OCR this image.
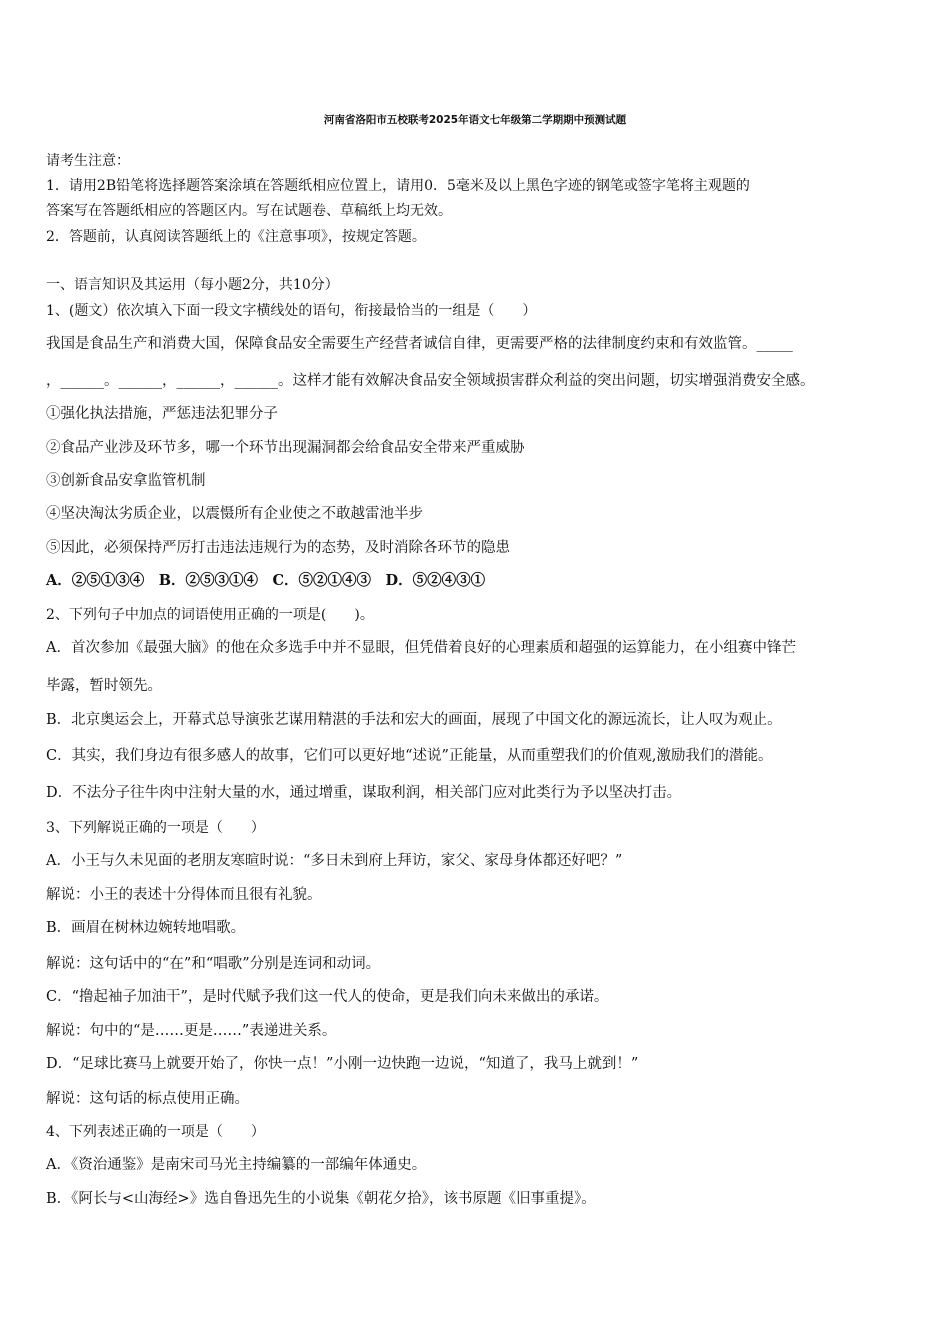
河南省洛阳市五校联考2025年语文七年级第二学期期中预测试题
请考生注意：
1．请用2B铅笔将选择题答案涂填在答题纸相应位置上，请用0．5毫米及以上黑色字迹的钢笔或签字笔将主观题的
答案写在答题纸相应的答题区内。写在试题卷、草稿纸上均无效。
2．答题前，认真阅读答题纸上的《注意事项》，按规定答题。
一、语言知识及其运用（每小题2分，共10分）
1、(题文）依次填入下面一段文字横线处的语句，衔接最恰当的一组是（　　）
我国是食品生产和消费大国，保障食品安全需要生产经营者诚信自律，更需要严格的法律制度约束和有效监管。_____
，______。______，______，______。这样才能有效解决食品安全领域损害群众利益的突出问题，切实增强消费安全感。
①强化执法措施，严惩违法犯罪分子
②食品产业涉及环节多，哪一个环节出现漏洞都会给食品安全带来严重威胁
③创新食品安拿监管机制
④坚决淘汰劣质企业，以震慑所有企业使之不敢越雷池半步
⑤因此，必须保持严厉打击违法违规行为的态势，及时消除各环节的隐患
A．②⑤①③④　B．②⑤③①④　C．⑤②①④③　D．⑤②④③①
2、下列句子中加点的词语使用正确的一项是(　　)。
A．首次参加《最强大脑》的他在众多选手中并不显眼，但凭借着良好的心理素质和超强的运算能力，在小组赛中锋芒
毕露，暂时领先。
B．北京奥运会上，开幕式总导演张艺谋用精湛的手法和宏大的画面，展现了中国文化的源远流长，让人叹为观止。
C．其实，我们身边有很多感人的故事，它们可以更好地“述说”正能量，从而重塑我们的价值观,激励我们的潜能。
D．不法分子往牛肉中注射大量的水，通过增重，谋取利润，相关部门应对此类行为予以坚决打击。
3、下列解说正确的一项是（　　）
A．小王与久未见面的老朋友寒暄时说：“多日未到府上拜访，家父、家母身体都还好吧？”
解说：小王的表述十分得体而且很有礼貌。
B．画眉在树林边婉转地唱歌。
解说：这句话中的“在”和“唱歌”分别是连词和动词。
C．“撸起袖子加油干”，是时代赋予我们这一代人的使命，更是我们向未来做出的承诺。
解说：句中的“是……更是……”表递进关系。
D．“足球比赛马上就要开始了，你快一点！”小刚一边快跑一边说，“知道了，我马上就到！”
解说：这句话的标点使用正确。
4、下列表述正确的一项是（　　）
A．《资治通鉴》是南宋司马光主持编纂的一部编年体通史。
B．《阿长与<山海经>》选自鲁迅先生的小说集《朝花夕拾》，该书原题《旧事重提》。
